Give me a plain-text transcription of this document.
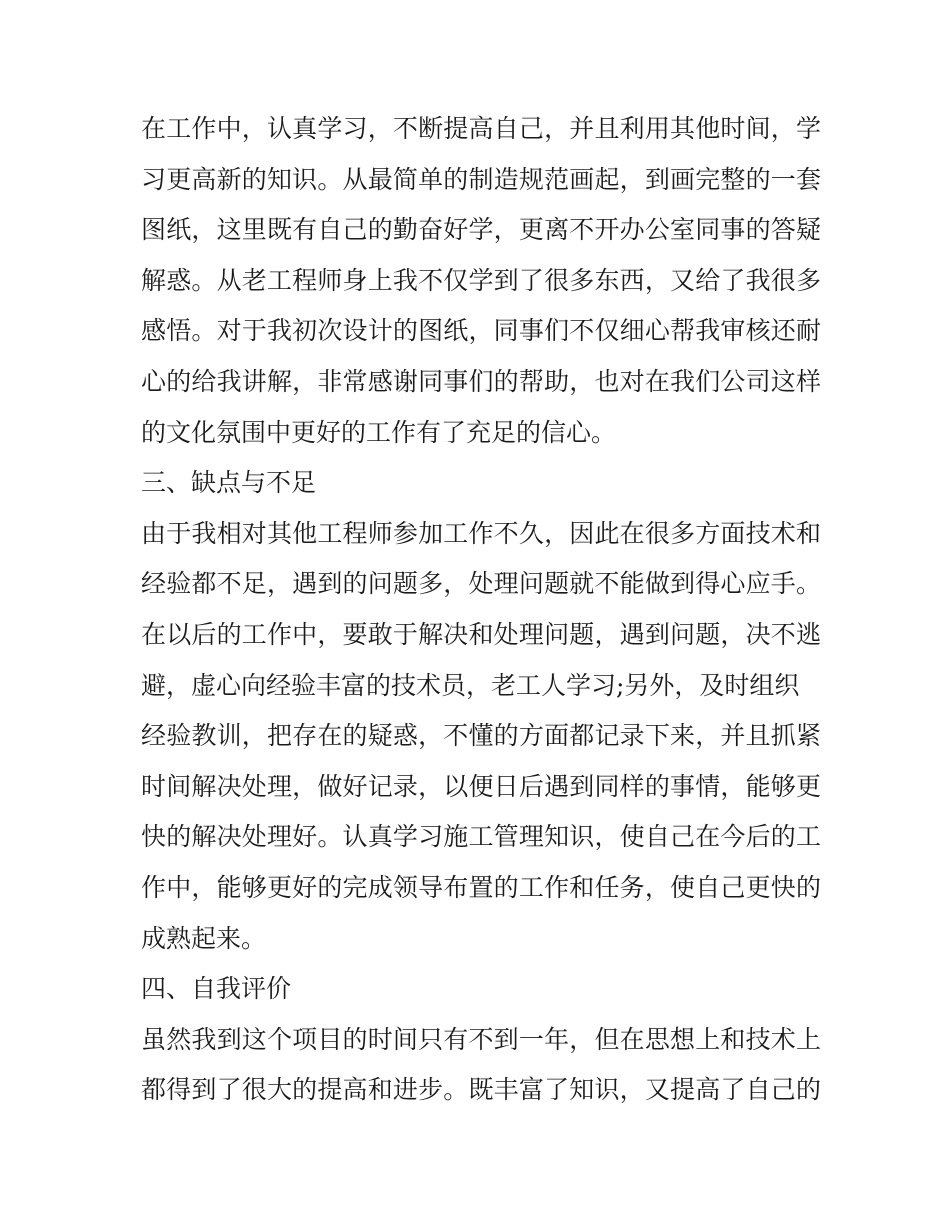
在工作中，认真学习，不断提高自己，并且利用其他时间，学
习更高新的知识。从最简单的制造规范画起，到画完整的一套
图纸，这里既有自己的勤奋好学，更离不开办公室同事的答疑
解惑。从老工程师身上我不仅学到了很多东西，又给了我很多
感悟。对于我初次设计的图纸，同事们不仅细心帮我审核还耐
心的给我讲解，非常感谢同事们的帮助，也对在我们公司这样
的文化氛围中更好的工作有了充足的信心。
三、缺点与不足
由于我相对其他工程师参加工作不久，因此在很多方面技术和
经验都不足，遇到的问题多，处理问题就不能做到得心应手。
在以后的工作中，要敢于解决和处理问题，遇到问题，决不逃
避，虚心向经验丰富的技术员，老工人学习;另外，及时组织
经验教训，把存在的疑惑，不懂的方面都记录下来，并且抓紧
时间解决处理，做好记录，以便日后遇到同样的事情，能够更
快的解决处理好。认真学习施工管理知识，使自己在今后的工
作中，能够更好的完成领导布置的工作和任务，使自己更快的
成熟起来。
四、自我评价
虽然我到这个项目的时间只有不到一年，但在思想上和技术上
都得到了很大的提高和进步。既丰富了知识，又提高了自己的
